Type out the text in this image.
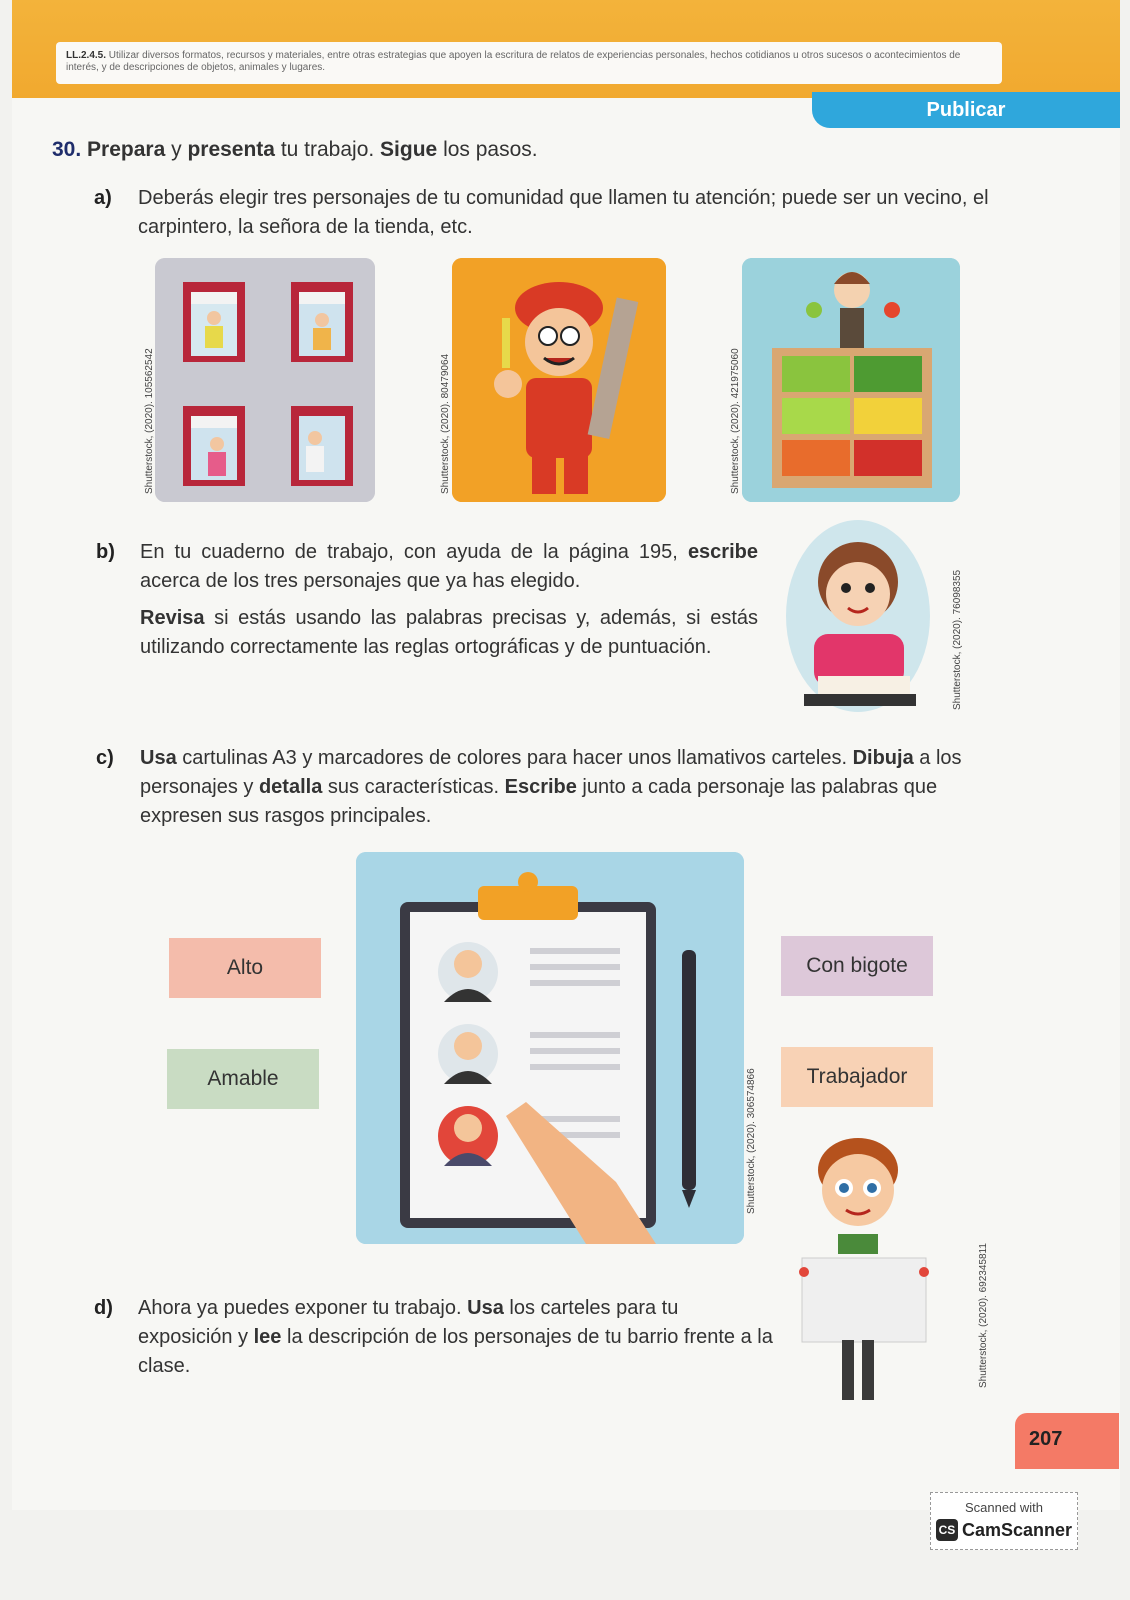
LL.2.4.5. Utilizar diversos formatos, recursos y materiales, entre otras estrategias que apoyen la escritura de relatos de experiencias personales, hechos cotidianos u otros sucesos o acontecimientos de interés, y de descripciones de objetos, animales y lugares.
Publicar
30. Prepara y presenta tu trabajo. Sigue los pasos.
a) Deberás elegir tres personajes de tu comunidad que llamen tu atención; puede ser un vecino, el carpintero, la señora de la tienda, etc.
Shutterstock, (2020). 105562542	Shutterstock, (2020). 80479064	Shutterstock, (2020). 421975060
b) En tu cuaderno de trabajo, con ayuda de la página 195, escribe acerca de los tres personajes que ya has elegido.
Revisa si estás usando las palabras precisas y, además, si estás utilizando correctamente las reglas ortográficas y de puntuación.	Shutterstock, (2020). 76098355
c) Usa cartulinas A3 y marcadores de colores para hacer unos llamativos carteles. Dibuja a los personajes y detalla sus características. Escribe junto a cada personaje las palabras que expresen sus rasgos principales.
Alto
Amable
Con bigote
Trabajador
Shutterstock, (2020). 306574866
Shutterstock, (2020). 692345811
d) Ahora ya puedes exponer tu trabajo. Usa los carteles para tu exposición y lee la descripción de los personajes de tu barrio frente a la clase.
207
Scanned with
CS CamScanner
